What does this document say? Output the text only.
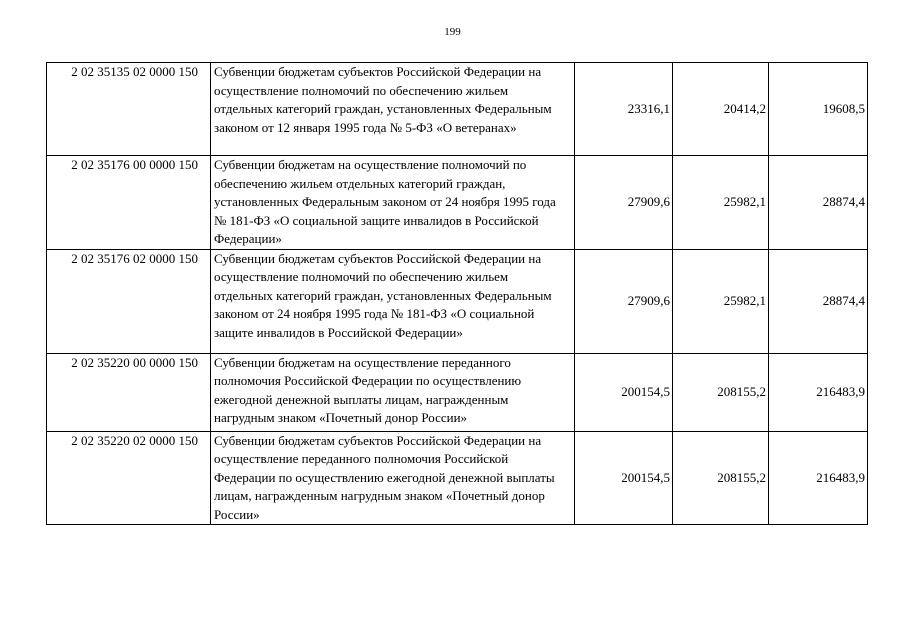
199
2 02 35135 02 0000 150	Субвенции бюджетам субъектов Российской Федерации на осуществление полномочий по обеспечению жильем отдельных категорий граждан, установленных Федеральным законом от 12 января 1995 года № 5-ФЗ «О ветеранах»	23316,1	20414,2	19608,5
2 02 35176 00 0000 150	Субвенции бюджетам на осуществление полномочий по обеспечению жильем отдельных категорий граждан, установленных Федеральным законом от 24 ноября 1995 года № 181-ФЗ «О социальной защите инвалидов в Российской Федерации»	27909,6	25982,1	28874,4
2 02 35176 02 0000 150	Субвенции бюджетам субъектов Российской Федерации на осуществление полномочий по обеспечению жильем отдельных категорий граждан, установленных Федеральным законом от 24 ноября 1995 года № 181-ФЗ «О социальной защите инвалидов в Российской Федерации»	27909,6	25982,1	28874,4
2 02 35220 00 0000 150	Субвенции бюджетам на осуществление переданного полномочия Российской Федерации по осуществлению ежегодной денежной выплаты лицам, награжденным нагрудным знаком «Почетный донор России»	200154,5	208155,2	216483,9
2 02 35220 02 0000 150	Субвенции бюджетам субъектов Российской Федерации на осуществление переданного полномочия Российской Федерации по осуществлению ежегодной денежной выплаты лицам, награжденным нагрудным знаком «Почетный донор России»	200154,5	208155,2	216483,9
